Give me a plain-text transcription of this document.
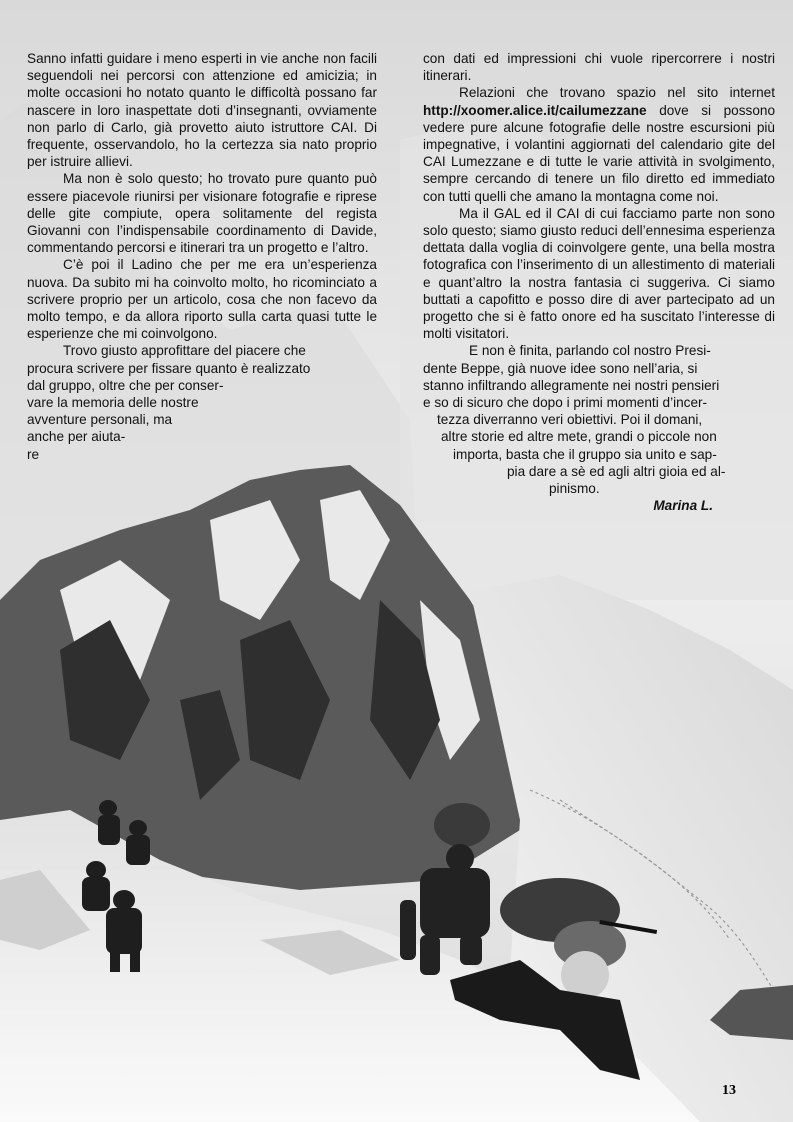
Sanno infatti guidare i meno esperti in vie anche non facili seguendoli nei percorsi con attenzione ed amicizia; in molte occasioni ho notato quanto le difficoltà possano far nascere in loro inaspettate doti d’insegnanti, ovviamente non parlo di Carlo, già provetto aiuto istruttore CAI. Di frequente, osservandolo, ho la certezza sia nato proprio per istruire allievi.

Ma non è solo questo; ho trovato pure quanto può essere piacevole riunirsi per visionare fotografie e riprese delle gite compiute, opera solitamente del regista Giovanni con l’indispensabile coordinamento di Davide, commentando percorsi e itinerari tra un progetto e l’altro.

C’è poi il Ladino che per me era un’esperienza nuova. Da subito mi ha coinvolto molto, ho ricominciato a scrivere proprio per un articolo, cosa che non facevo da molto tempo, e da allora riporto sulla carta quasi tutte le esperienze che mi coinvolgono.

Trovo giusto approfittare del piacere che
procura scrivere per fissare quanto è realizzato
dal gruppo, oltre che per conser-
vare la memoria delle nostre
avventure personali, ma
anche per aiuta-
re

con dati ed impressioni chi vuole ripercorrere i nostri itinerari.

Relazioni che trovano spazio nel sito internet http://xoomer.alice.it/cailumezzane dove si possono vedere pure alcune fotografie delle nostre escursioni più impegnative, i volantini aggiornati del calendario gite del CAI Lumezzane e di tutte le varie attività in svolgimento, sempre cercando di tenere un filo diretto ed immediato con tutti quelli che amano la montagna come noi.

Ma il GAL ed il CAI di cui facciamo parte non sono solo questo; siamo giusto reduci dell’ennesima esperienza dettata dalla voglia di coinvolgere gente, una bella mostra fotografica con l’inserimento di un allestimento di materiali e quant’altro la nostra fantasia ci suggeriva. Ci siamo buttati a capofitto e posso dire di aver partecipato ad un progetto che si è fatto onore ed ha suscitato l’interesse di molti visitatori.

E non è finita, parlando col nostro Presi-
dente Beppe, già nuove idee sono nell’aria, si
stanno infiltrando allegramente nei nostri pensieri
e so di sicuro che dopo i primi momenti d’incer-
tezza diverranno veri obiettivi. Poi il domani,
altre storie ed altre mete, grandi o piccole non
importa, basta che il gruppo sia unito e sap-
pia dare a sè ed agli altri gioia ed al-
pinismo.
Marina L.
13
